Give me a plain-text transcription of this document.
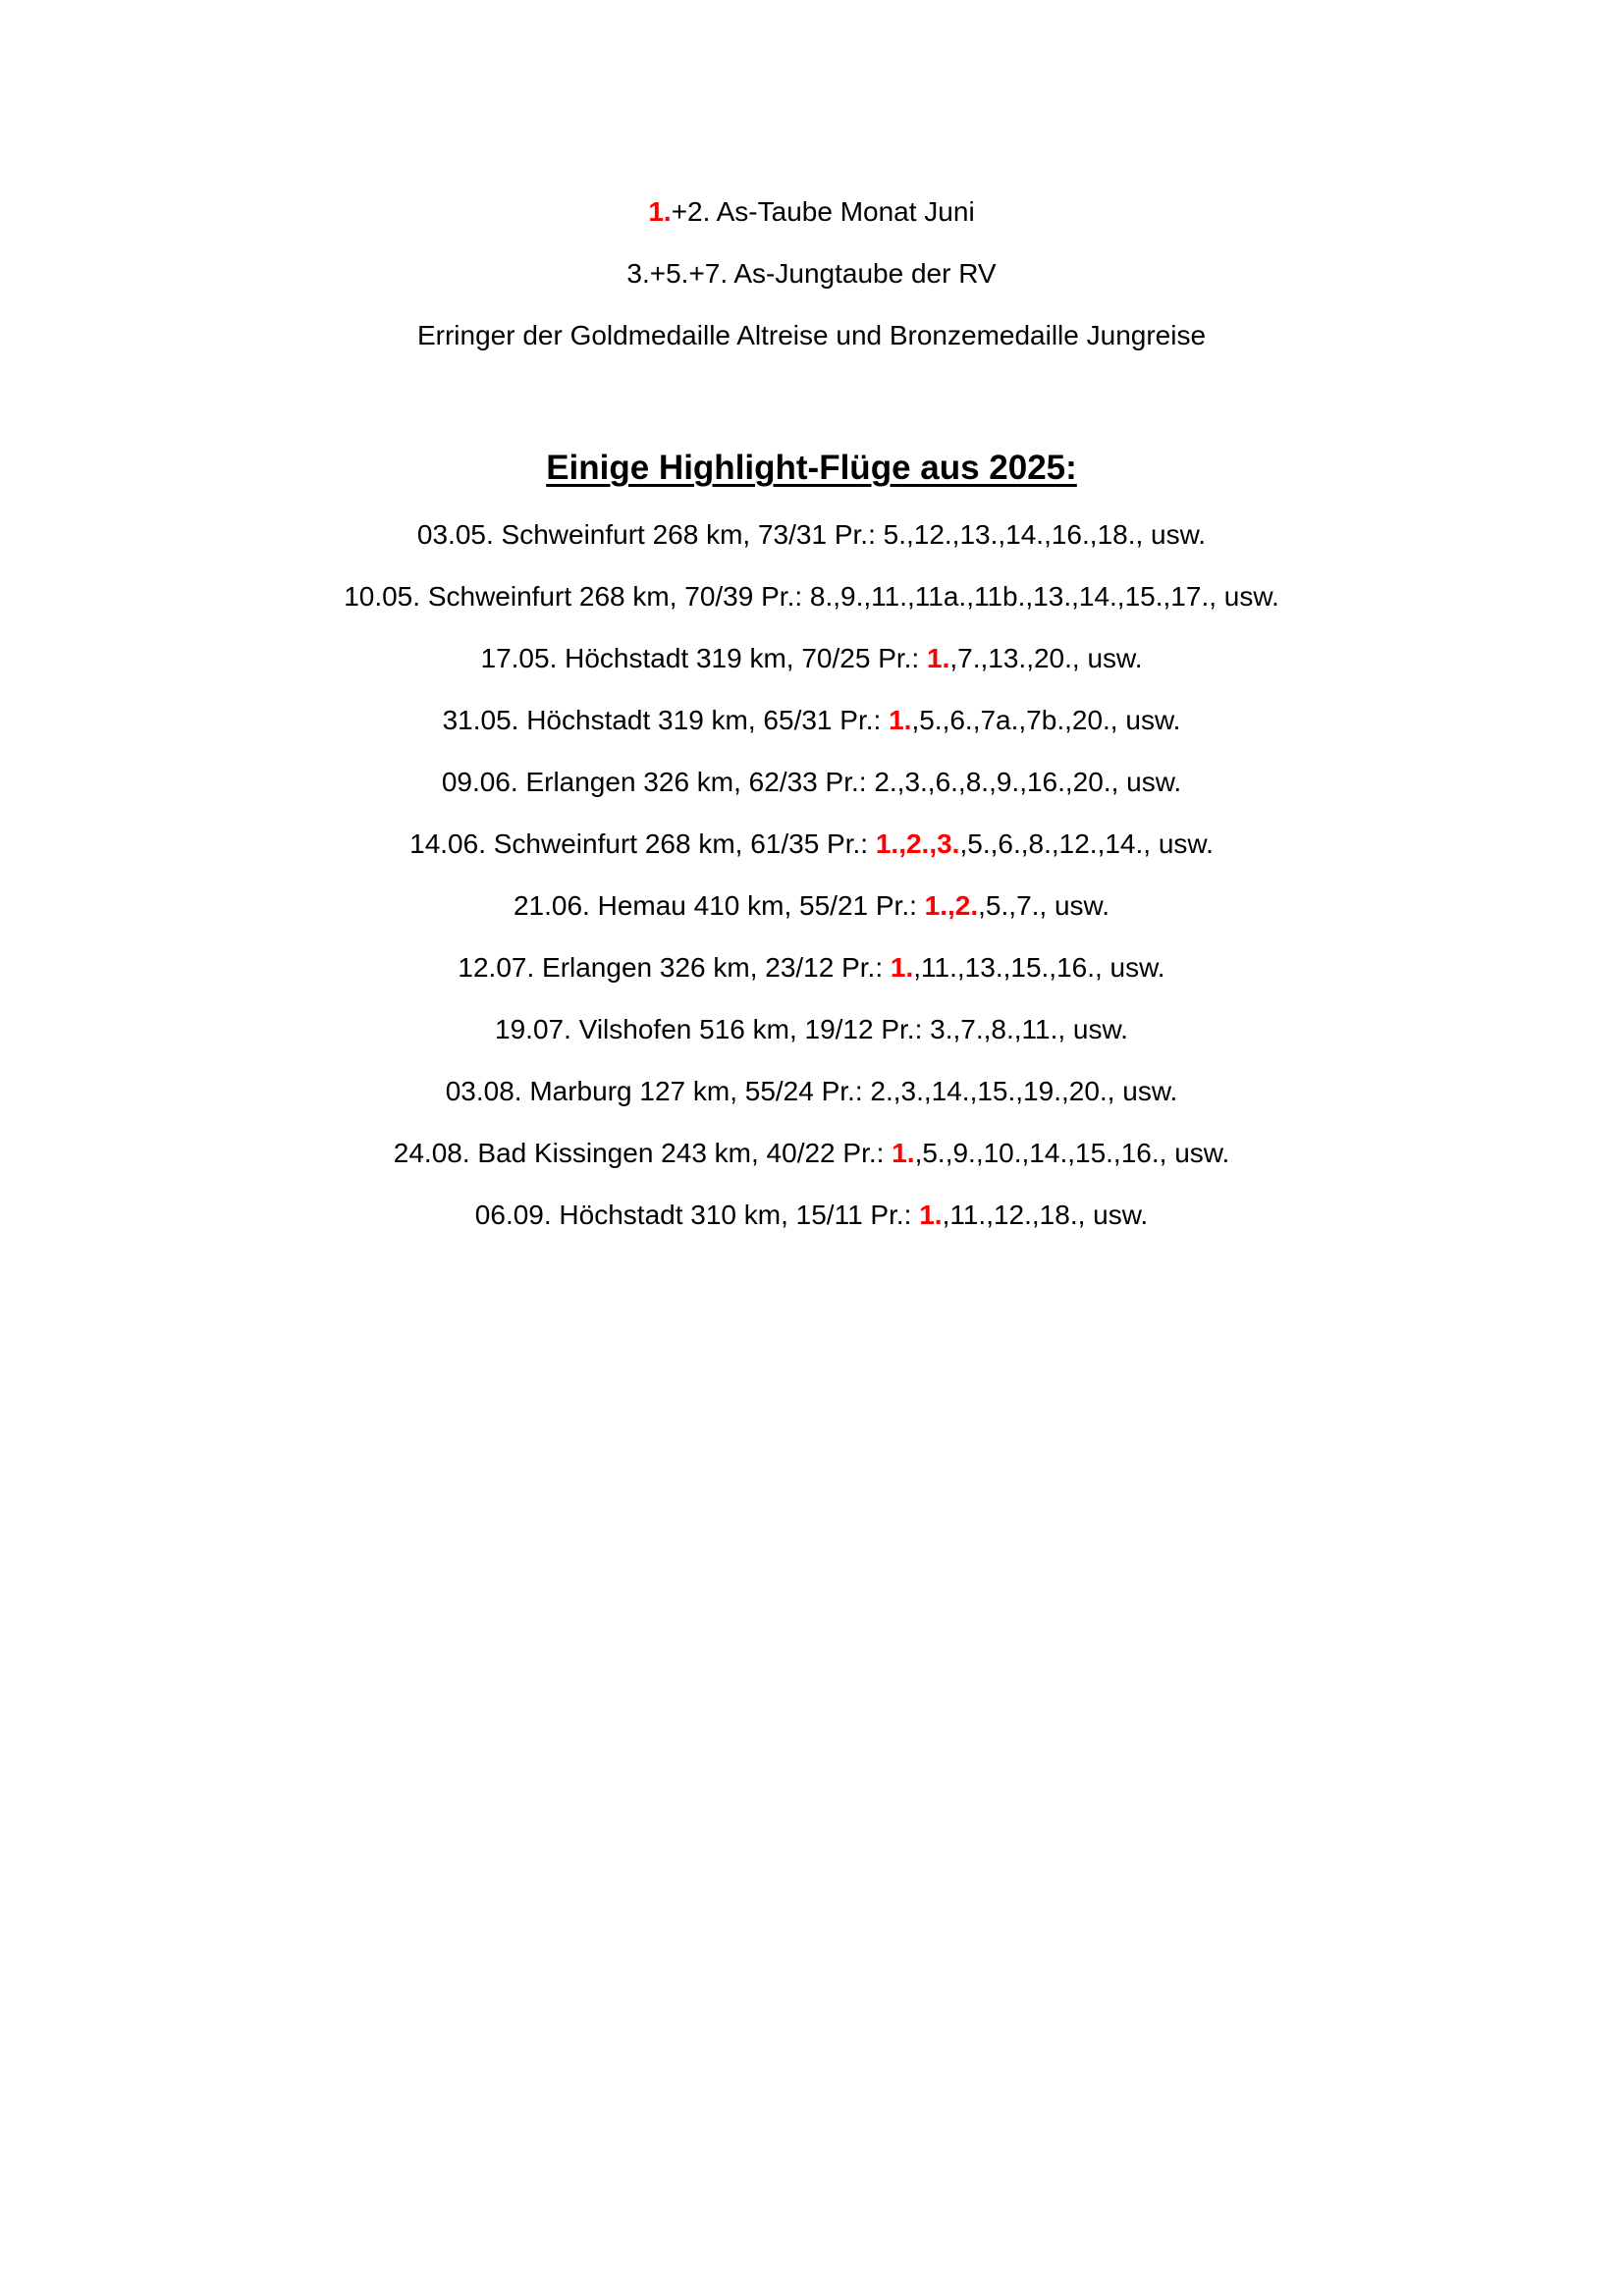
1.+2. As-Taube Monat Juni
3.+5.+7. As-Jungtaube der RV
Erringer der Goldmedaille Altreise und Bronzemedaille Jungreise
Einige Highlight-Flüge aus 2025:
03.05. Schweinfurt 268 km, 73/31 Pr.: 5.,12.,13.,14.,16.,18., usw.
10.05. Schweinfurt 268 km, 70/39 Pr.: 8.,9.,11.,11a.,11b.,13.,14.,15.,17., usw.
17.05. Höchstadt 319 km, 70/25 Pr.: 1.,7.,13.,20., usw.
31.05. Höchstadt 319 km, 65/31 Pr.: 1.,5.,6.,7a.,7b.,20., usw.
09.06. Erlangen 326 km, 62/33 Pr.: 2.,3.,6.,8.,9.,16.,20., usw.
14.06. Schweinfurt 268 km, 61/35 Pr.: 1.,2.,3.,5.,6.,8.,12.,14., usw.
21.06. Hemau 410 km, 55/21 Pr.: 1.,2.,5.,7., usw.
12.07. Erlangen 326 km, 23/12 Pr.: 1.,11.,13.,15.,16., usw.
19.07. Vilshofen 516 km, 19/12 Pr.: 3.,7.,8.,11., usw.
03.08. Marburg 127 km, 55/24 Pr.: 2.,3.,14.,15.,19.,20., usw.
24.08. Bad Kissingen 243 km, 40/22 Pr.: 1.,5.,9.,10.,14.,15.,16., usw.
06.09. Höchstadt 310 km, 15/11 Pr.: 1.,11.,12.,18., usw.
